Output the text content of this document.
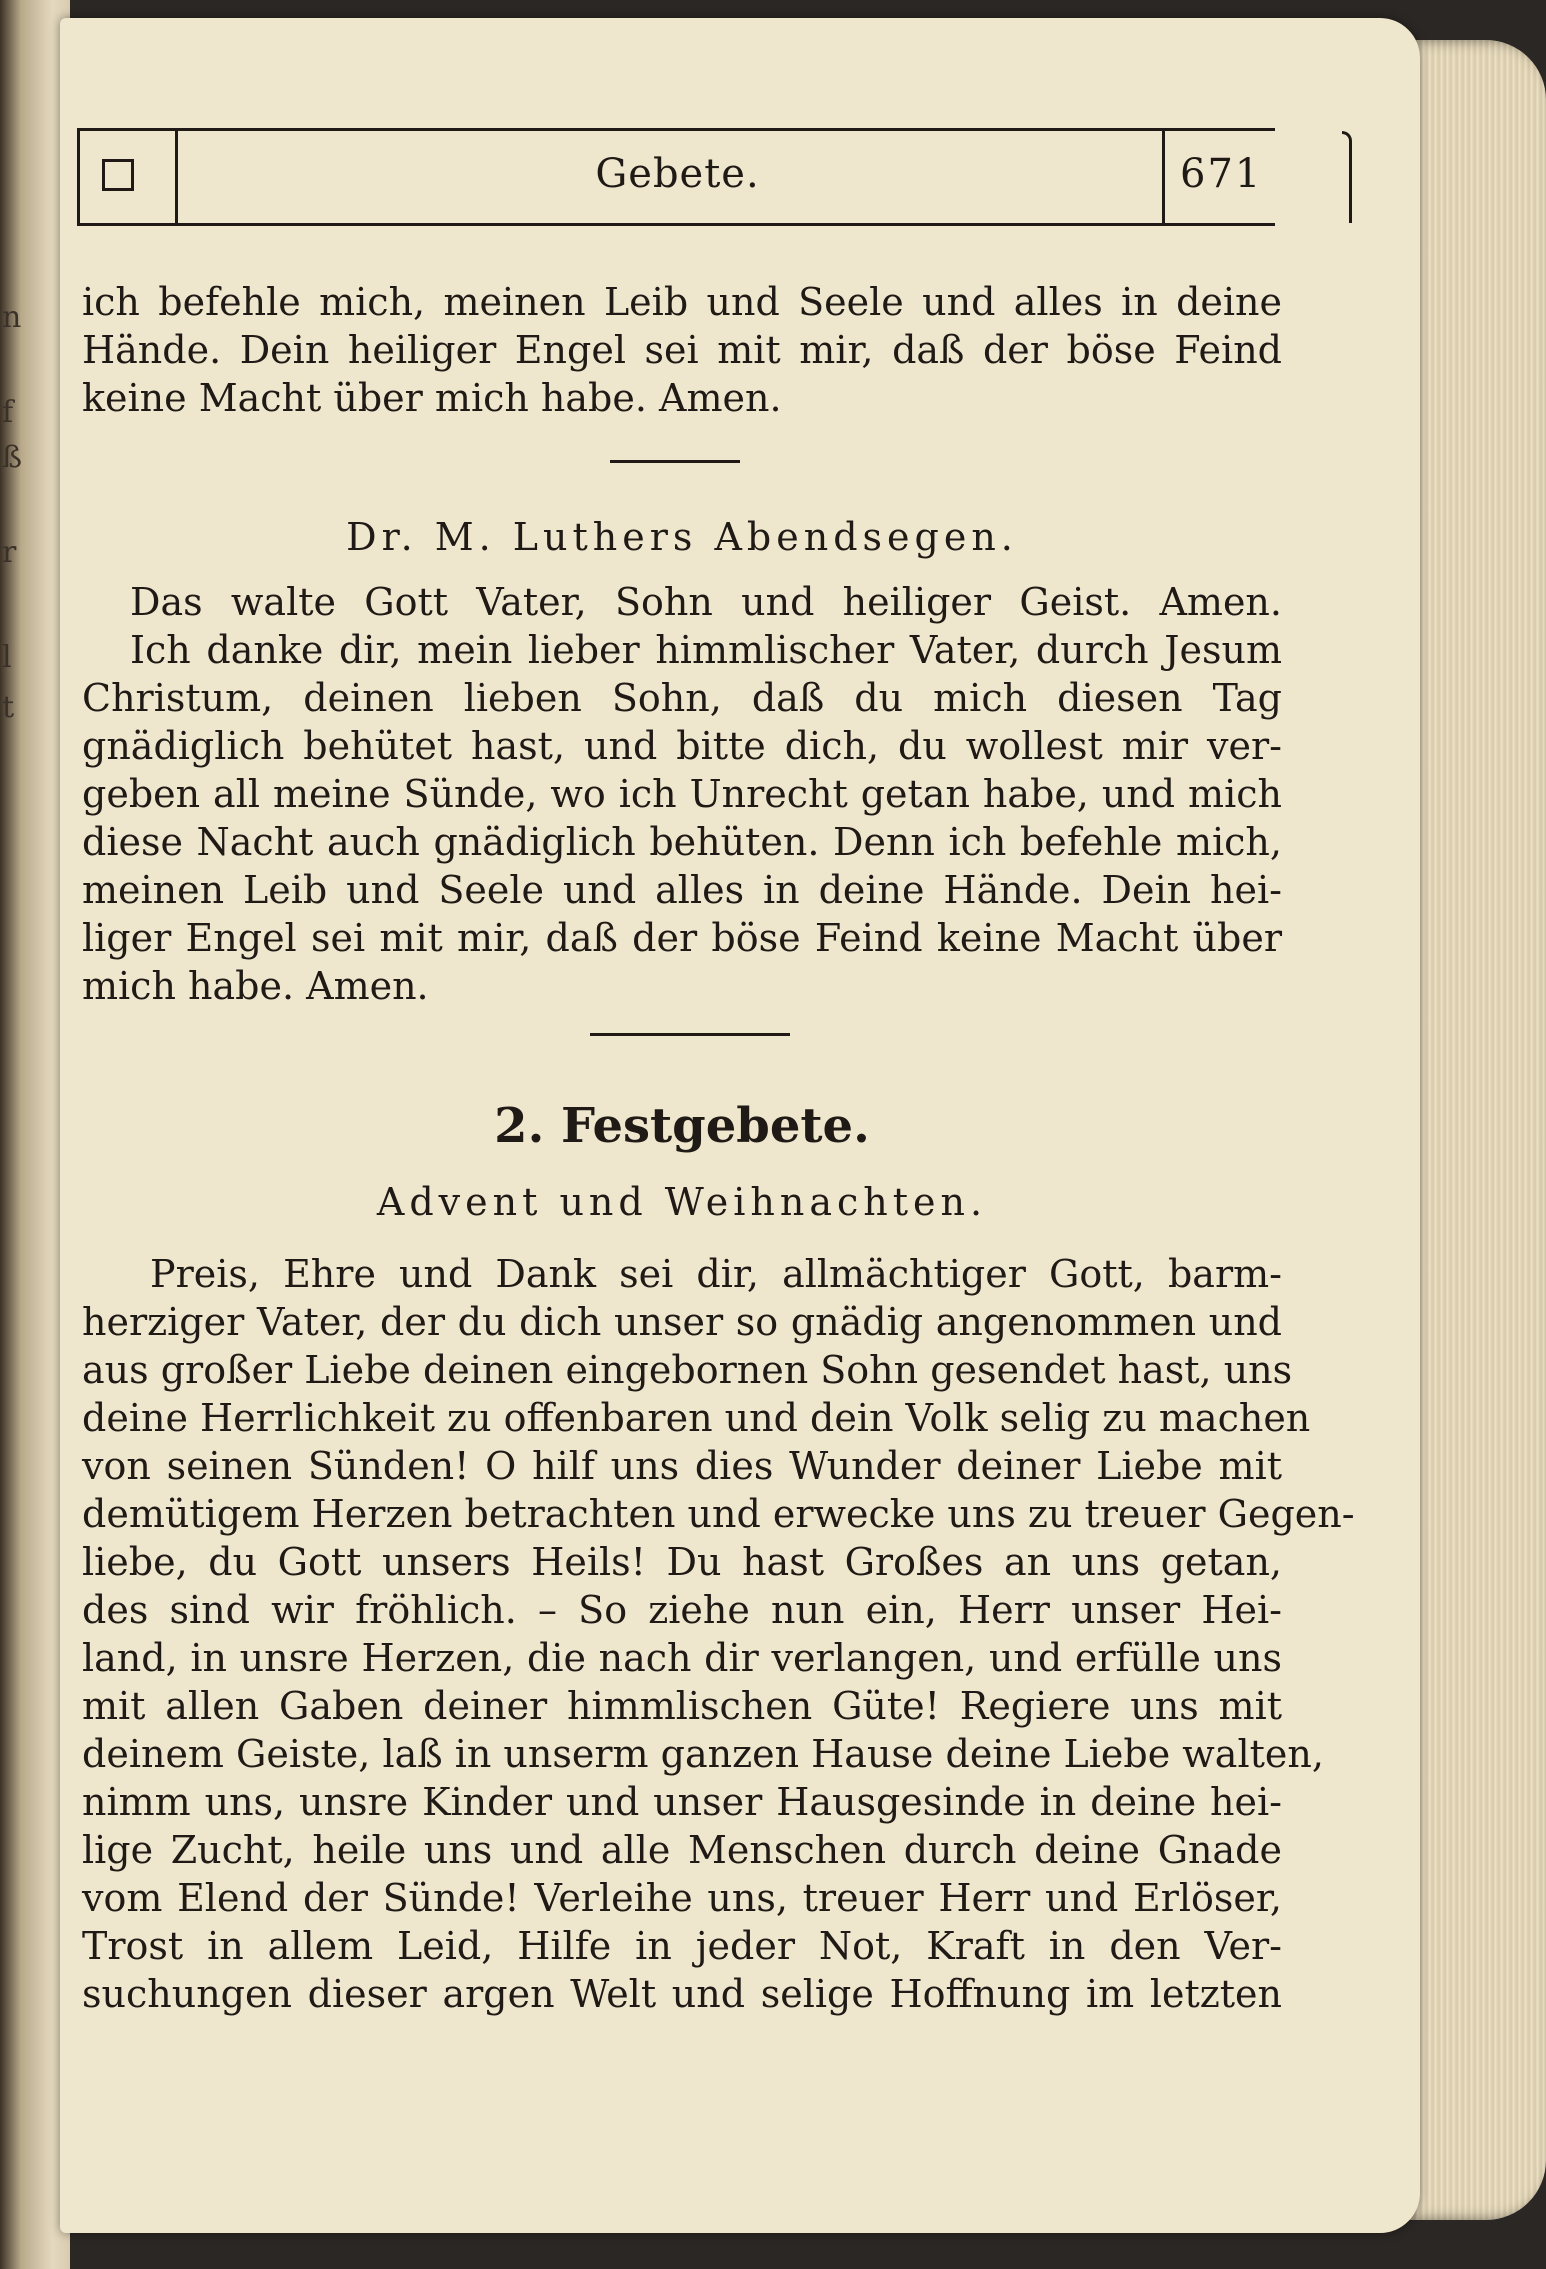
n
f
ß
r
l
t
Gebete.	671
ich befehle mich, meinen Leib und Seele und alles in deine
Hände. Dein heiliger Engel sei mit mir, daß der böse Feind
keine Macht über mich habe. Amen.
Dr. M. Luthers Abendsegen.
Das walte Gott Vater, Sohn und heiliger Geist. Amen.
Ich danke dir, mein lieber himmlischer Vater, durch Jesum
Christum, deinen lieben Sohn, daß du mich diesen Tag
gnädiglich behütet hast, und bitte dich, du wollest mir ver-
geben all meine Sünde, wo ich Unrecht getan habe, und mich
diese Nacht auch gnädiglich behüten. Denn ich befehle mich,
meinen Leib und Seele und alles in deine Hände. Dein hei-
liger Engel sei mit mir, daß der böse Feind keine Macht über
mich habe. Amen.
2. Festgebete.
Advent und Weihnachten.
Preis, Ehre und Dank sei dir, allmächtiger Gott, barm-
herziger Vater, der du dich unser so gnädig angenommen und
aus großer Liebe deinen eingebornen Sohn gesendet hast, uns
deine Herrlichkeit zu offenbaren und dein Volk selig zu machen
von seinen Sünden! O hilf uns dies Wunder deiner Liebe mit
demütigem Herzen betrachten und erwecke uns zu treuer Gegen-
liebe, du Gott unsers Heils! Du hast Großes an uns getan,
des sind wir fröhlich. – So ziehe nun ein, Herr unser Hei-
land, in unsre Herzen, die nach dir verlangen, und erfülle uns
mit allen Gaben deiner himmlischen Güte! Regiere uns mit
deinem Geiste, laß in unserm ganzen Hause deine Liebe walten,
nimm uns, unsre Kinder und unser Hausgesinde in deine hei-
lige Zucht, heile uns und alle Menschen durch deine Gnade
vom Elend der Sünde! Verleihe uns, treuer Herr und Erlöser,
Trost in allem Leid, Hilfe in jeder Not, Kraft in den Ver-
suchungen dieser argen Welt und selige Hoffnung im letzten
